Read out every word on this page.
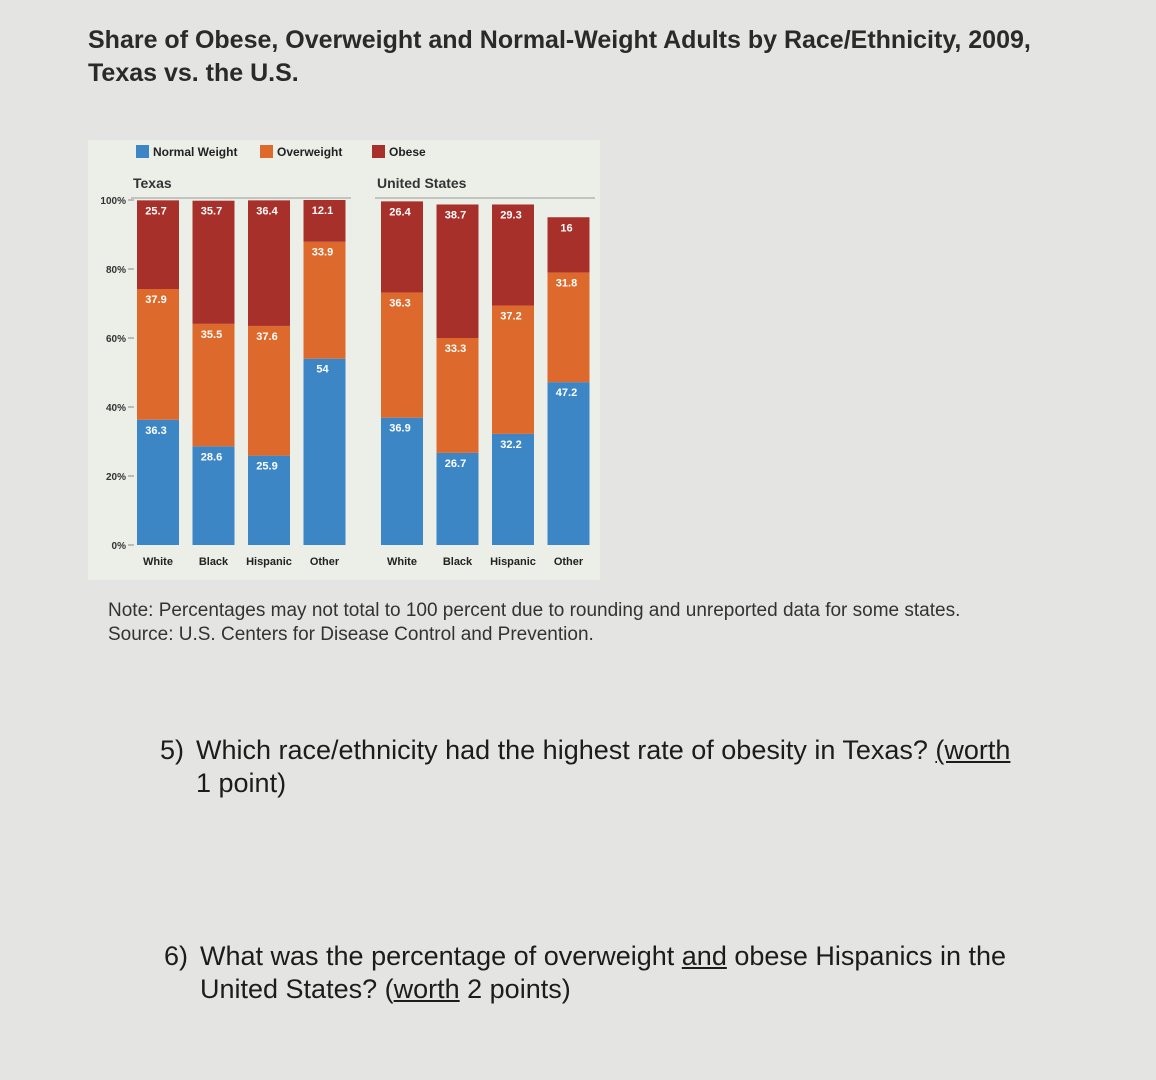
Share of Obese, Overweight and Normal-Weight Adults by Race/Ethnicity, 2009,
Texas vs. the U.S.
0%
20%
40%
60%
80%
100%
Normal Weight	Overweight	Obese
Texas
36.3
37.9
25.7
White
28.6
35.5
35.7
Black
25.9
37.6
36.4
Hispanic
54
33.9
12.1
Other
United States
36.9
36.3
26.4
White
26.7
33.3
38.7
Black
32.2
37.2
29.3
Hispanic
47.2
31.8
16
Other
Note: Percentages may not total to 100 percent due to rounding and unreported data for some states.
Source: U.S. Centers for Disease Control and Prevention.
5) Which race/ethnicity had the highest rate of obesity in Texas? (worth
1 point)
6) What was the percentage of overweight and obese Hispanics in the
United States? (worth 2 points)
